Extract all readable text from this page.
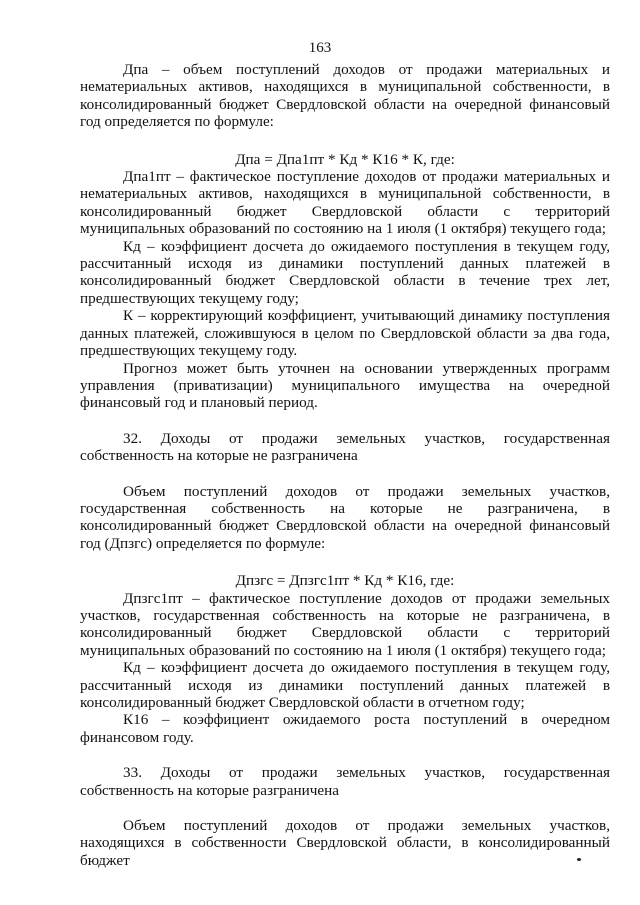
163

Дпа – объем поступлений доходов от продажи материальных и нематериальных активов, находящихся в муниципальной собственности, в консолидированный бюджет Свердловской области на очередной финансовый год определяется по формуле:

Дпа = Дпа1пт * Кд * К16 * К, где:

Дпа1пт – фактическое поступление доходов от продажи материальных и нематериальных активов, находящихся в муниципальной собственности, в консолидированный бюджет Свердловской области с территорий муниципальных образований по состоянию на 1 июля (1 октября) текущего года;

Кд – коэффициент досчета до ожидаемого поступления в текущем году, рассчитанный исходя из динамики поступлений данных платежей в консолидированный бюджет Свердловской области в течение трех лет, предшествующих текущему году;

К – корректирующий коэффициент, учитывающий динамику поступления данных платежей, сложившуюся в целом по Свердловской области за два года, предшествующих текущему году.

Прогноз может быть уточнен на основании утвержденных программ управления (приватизации) муниципального имущества на очередной финансовый год и плановый период.

32. Доходы от продажи земельных участков, государственная собственность на которые не разграничена

Объем поступлений доходов от продажи земельных участков, государственная собственность на которые не разграничена, в консолидированный бюджет Свердловской области на очередной финансовый год (Дпзгс) определяется по формуле:

Дпзгс = Дпзгс1пт * Кд * К16, где:

Дпзгс1пт – фактическое поступление доходов от продажи земельных участков, государственная собственность на которые не разграничена, в консолидированный бюджет Свердловской области с территорий муниципальных образований по состоянию на 1 июля (1 октября) текущего года;

Кд – коэффициент досчета до ожидаемого поступления в текущем году, рассчитанный исходя из динамики поступлений данных платежей в консолидированный бюджет Свердловской области в отчетном году;

К16 – коэффициент ожидаемого роста поступлений в очередном финансовом году.

33. Доходы от продажи земельных участков, государственная собственность на которые разграничена

Объем поступлений доходов от продажи земельных участков, находящихся в собственности Свердловской области, в консолидированный бюджет
